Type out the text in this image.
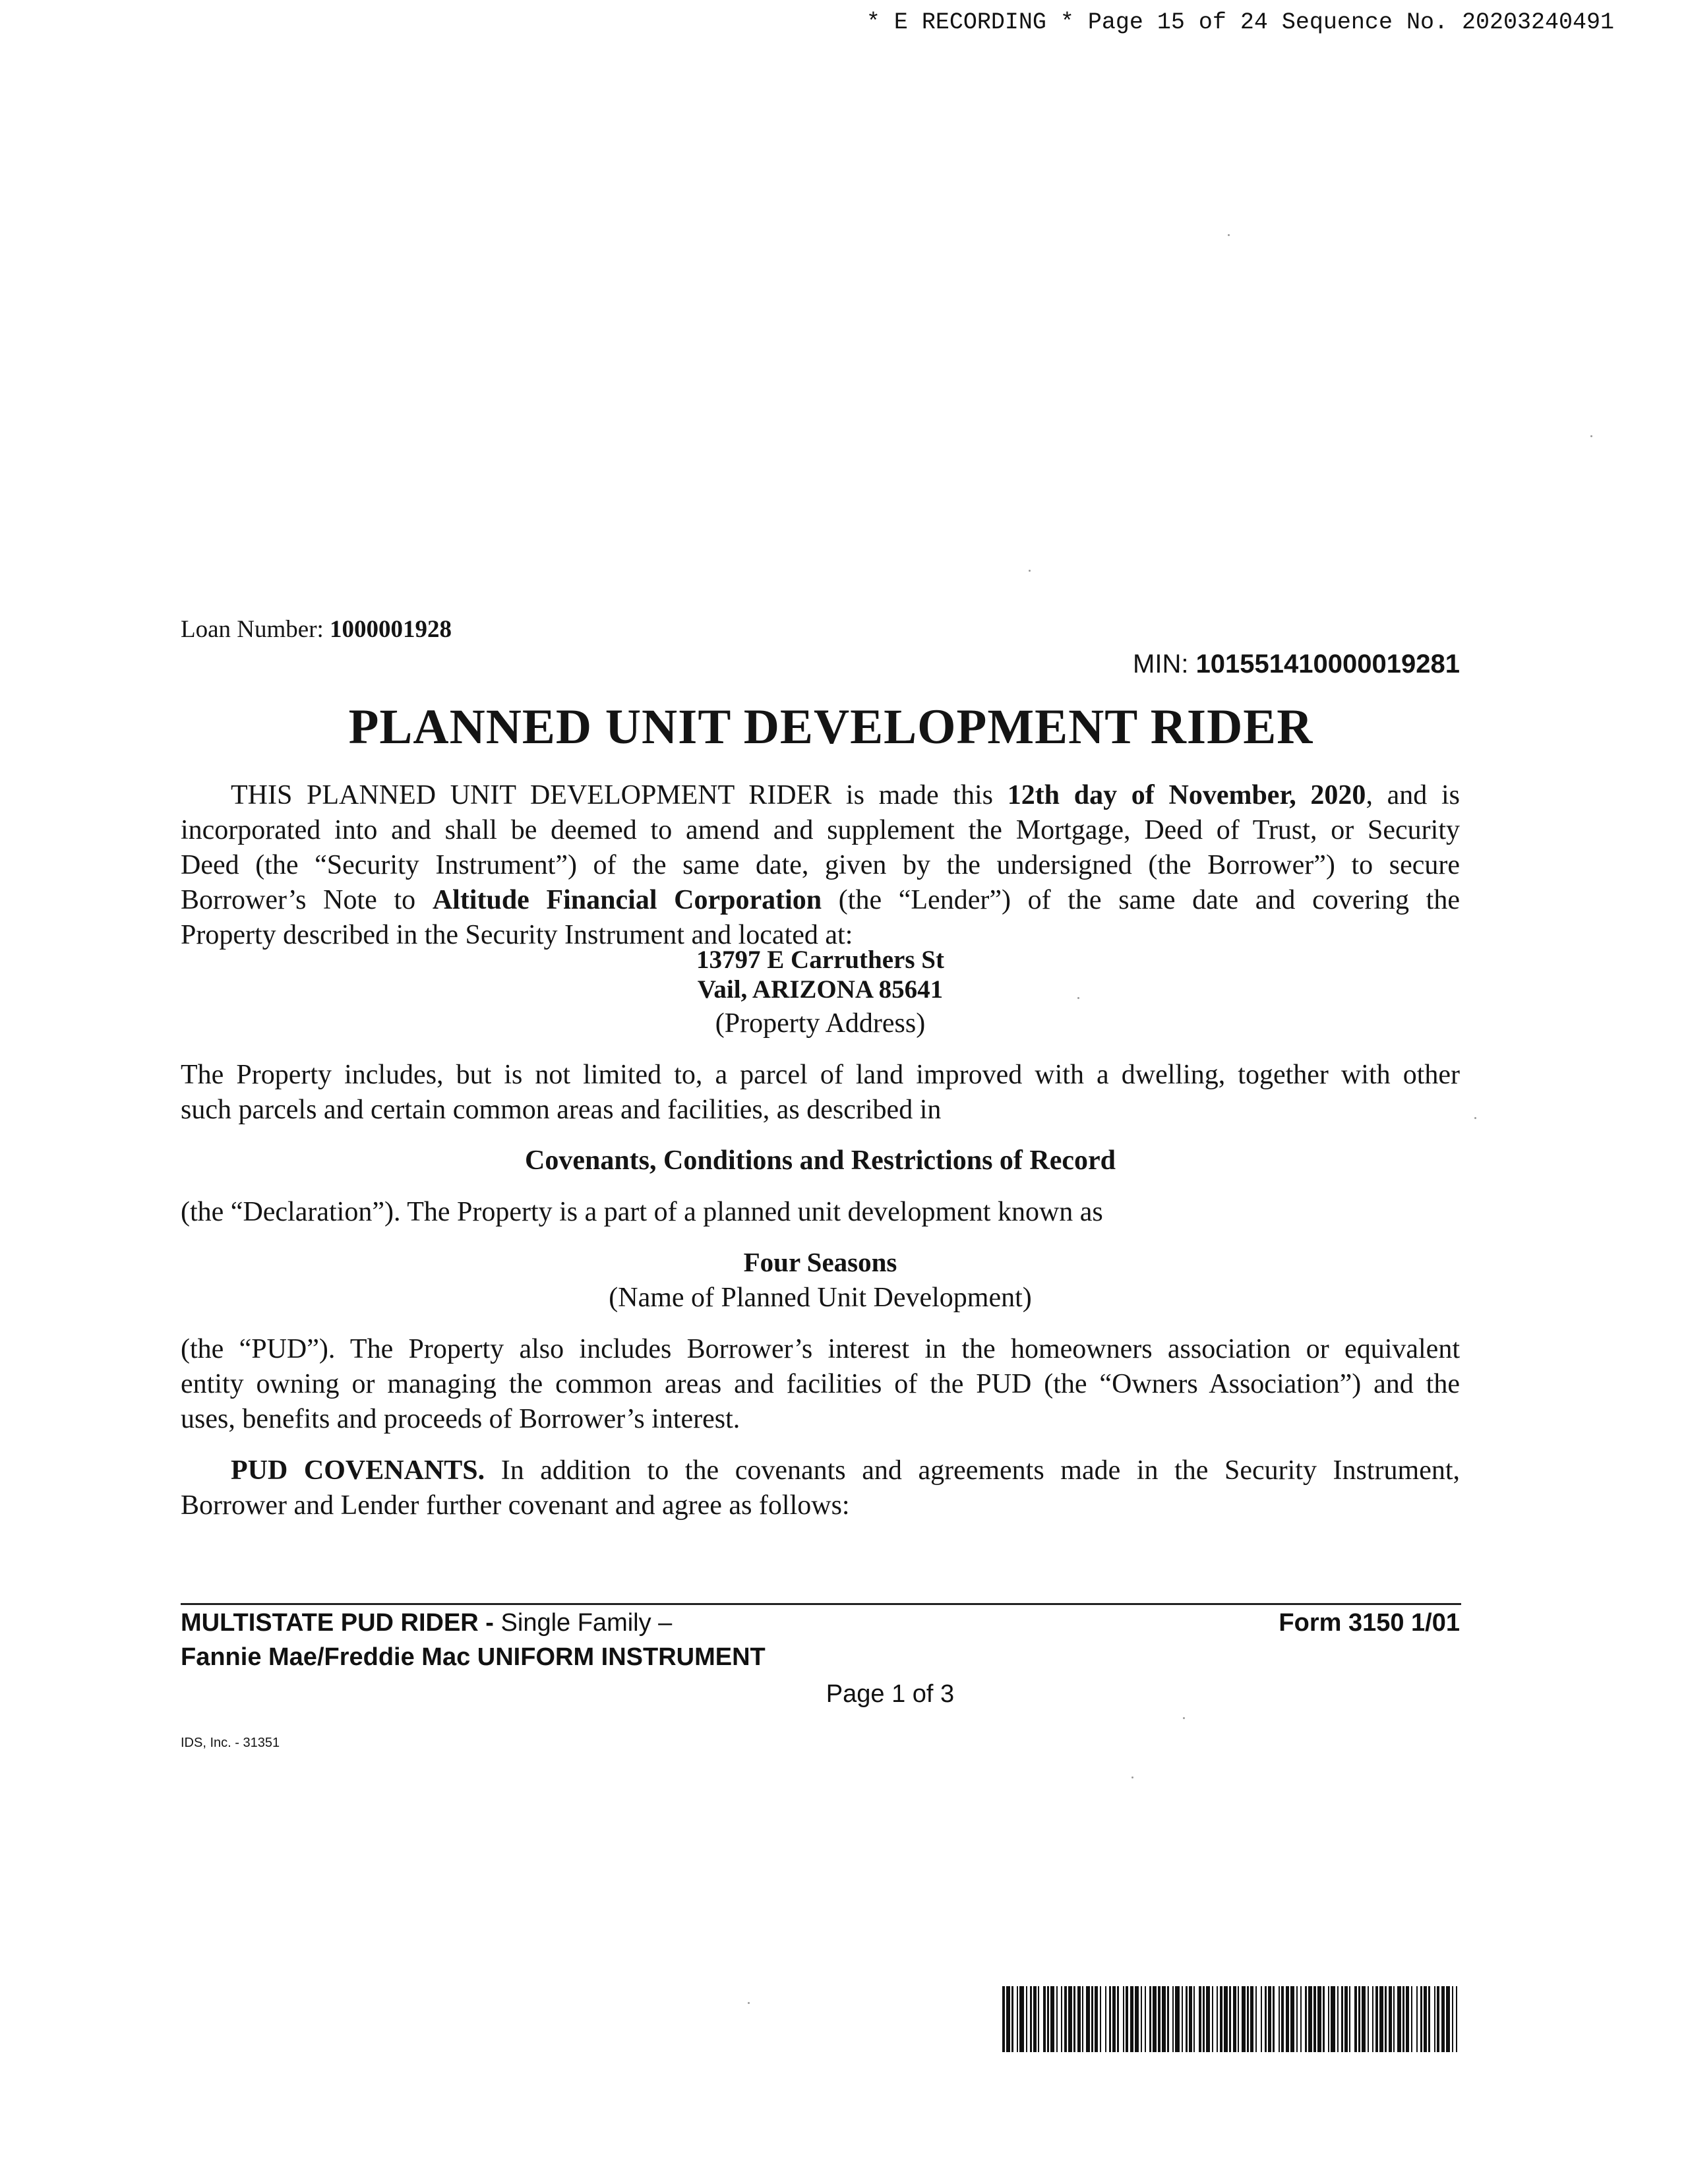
* E RECORDING * Page 15 of 24 Sequence No. 20203240491
Loan Number: 1000001928
MIN: 101551410000019281
PLANNED UNIT DEVELOPMENT RIDER
THIS PLANNED UNIT DEVELOPMENT RIDER is made this 12th day of November, 2020, and is
incorporated into and shall be deemed to amend and supplement the Mortgage, Deed of Trust, or Security
Deed (the “Security Instrument”) of the same date, given by the undersigned (the Borrower”) to secure
Borrower’s Note to Altitude Financial Corporation (the “Lender”) of the same date and covering the
Property described in the Security Instrument and located at:
13797 E Carruthers St
Vail, ARIZONA 85641
(Property Address)
The Property includes, but is not limited to, a parcel of land improved with a dwelling, together with other
such parcels and certain common areas and facilities, as described in
Covenants, Conditions and Restrictions of Record
(the “Declaration”). The Property is a part of a planned unit development known as
Four Seasons
(Name of Planned Unit Development)
(the “PUD”). The Property also includes Borrower’s interest in the homeowners association or equivalent
entity owning or managing the common areas and facilities of the PUD (the “Owners Association”) and the
uses, benefits and proceeds of Borrower’s interest.
PUD COVENANTS. In addition to the covenants and agreements made in the Security Instrument,
Borrower and Lender further covenant and agree as follows:
MULTISTATE PUD RIDER - Single Family –
Fannie Mae/Freddie Mac UNIFORM INSTRUMENT
Form 3150 1/01
Page 1 of 3
IDS, Inc. - 31351
